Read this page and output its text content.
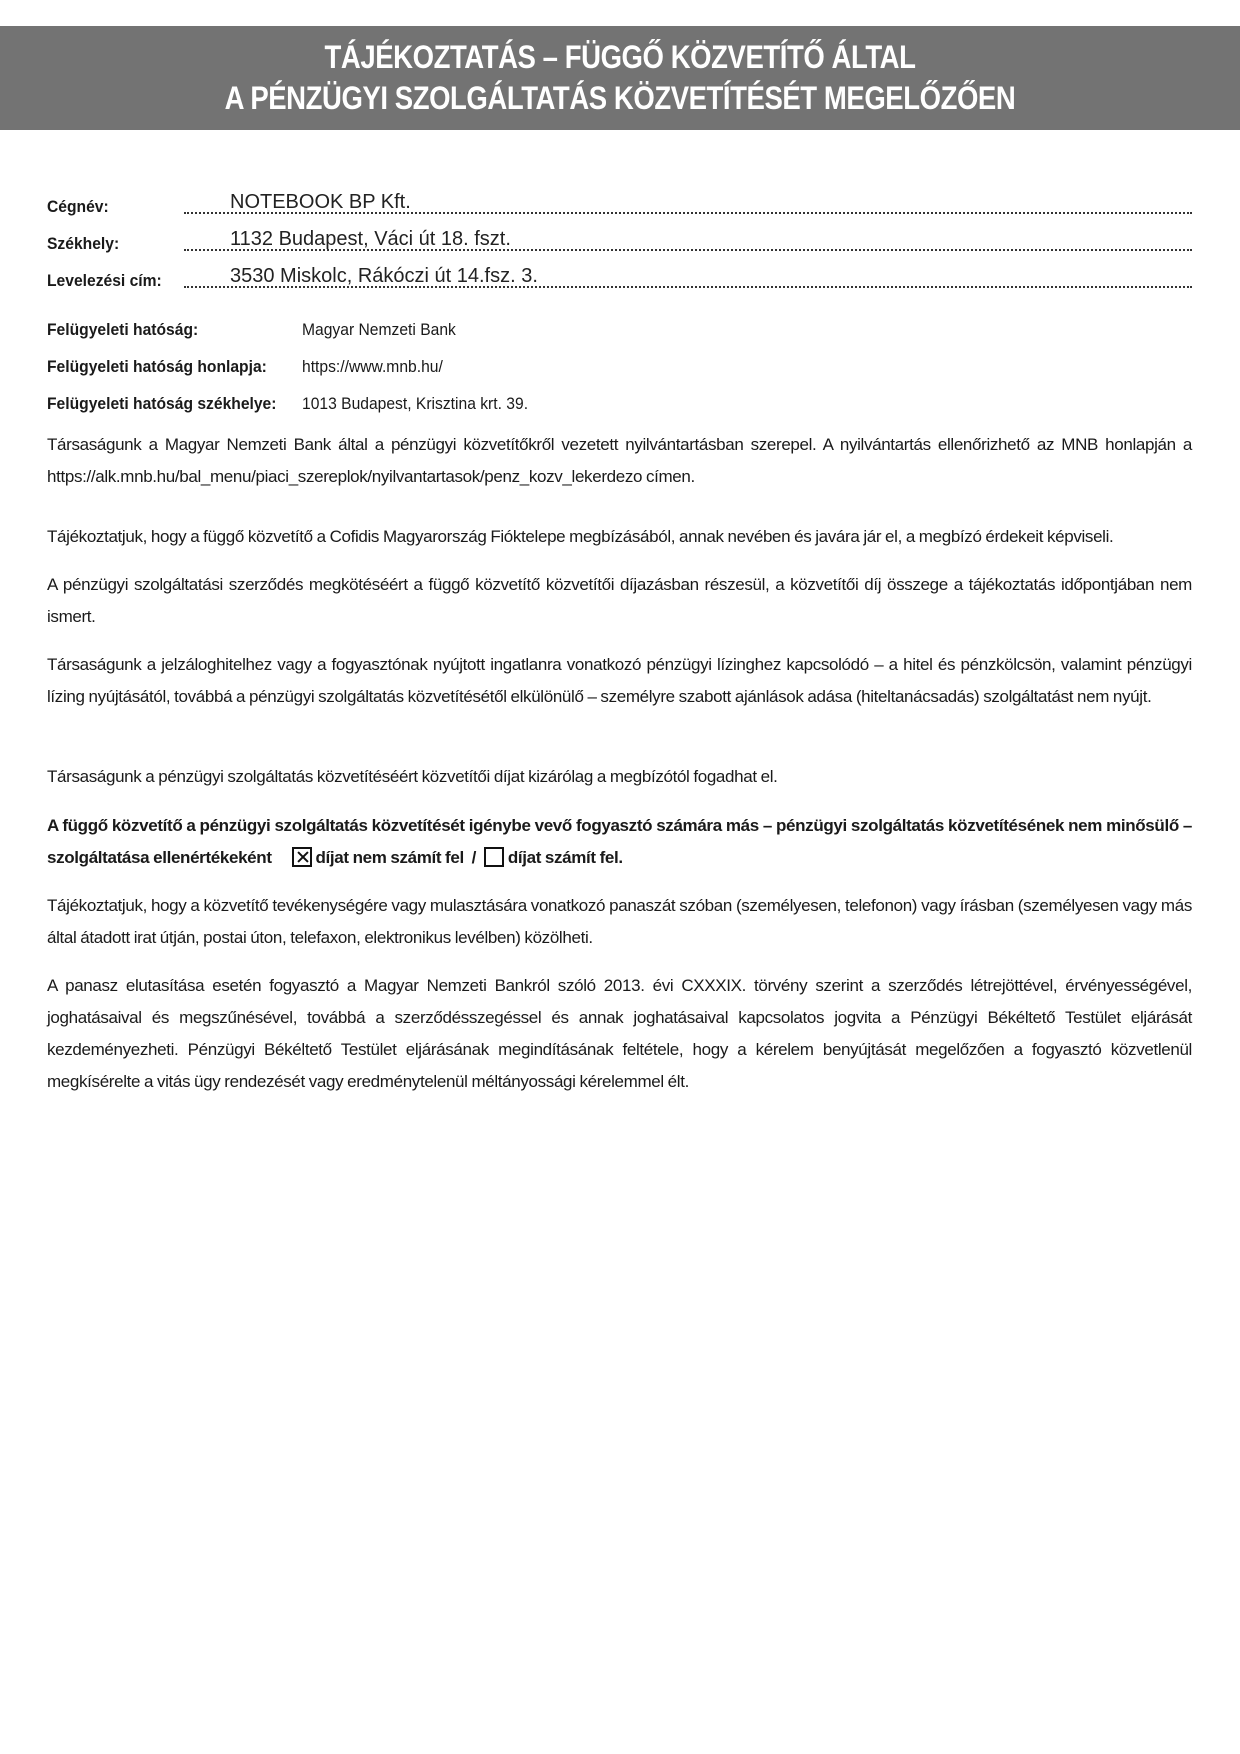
TÁJÉKOZTATÁS – FÜGGŐ KÖZVETÍTŐ ÁLTAL
A PÉNZÜGYI SZOLGÁLTATÁS KÖZVETÍTÉSÉT MEGELŐZŐEN
Cégnév:	NOTEBOOK BP Kft.
Székhely:	1132 Budapest, Váci út 18. fszt.
Levelezési cím:	3530 Miskolc, Rákóczi út 14.fsz. 3.
Felügyeleti hatóság:	Magyar Nemzeti Bank
Felügyeleti hatóság honlapja: https://www.mnb.hu/
Felügyeleti hatóság székhelye: 1013 Budapest, Krisztina krt. 39.

Társaságunk a Magyar Nemzeti Bank által a pénzügyi közvetítőkről vezetett nyilvántartásban szerepel. A nyilvántartás ellenőrizhető az MNB honlapján a https://alk.mnb.hu/bal_menu/piaci_szereplok/nyilvantartasok/penz_kozv_lekerdezo címen.

Tájékoztatjuk, hogy a függő közvetítő a Cofidis Magyarország Fióktelepe megbízásából, annak nevében és javára jár el, a megbízó érdekeit képviseli.

A pénzügyi szolgáltatási szerződés megkötéséért a függő közvetítő közvetítői díjazásban részesül, a közvetítői díj összege a tájékoztatás időpontjában nem ismert.

Társaságunk a jelzáloghitelhez vagy a fogyasztónak nyújtott ingatlanra vonatkozó pénzügyi lízinghez kapcsolódó – a hitel és pénzkölcsön, valamint pénzügyi lízing nyújtásától, továbbá a pénzügyi szolgáltatás közvetítésétől elkülönülő – személyre szabott ajánlások adása (hiteltanácsadás) szolgáltatást nem nyújt.

Társaságunk a pénzügyi szolgáltatás közvetítéséért közvetítői díjat kizárólag a megbízótól fogadhat el.

A függő közvetítő a pénzügyi szolgáltatás közvetítését igénybe vevő fogyasztó számára más – pénzügyi szolgáltatás közvetítésének nem minősülő – szolgáltatása ellenértékeként	díjat nem számít fel / díjat számít fel.

Tájékoztatjuk, hogy a közvetítő tevékenységére vagy mulasztására vonatkozó panaszát szóban (személyesen, telefonon) vagy írásban (személyesen vagy más által átadott irat útján, postai úton, telefaxon, elektronikus levélben) közölheti.

A panasz elutasítása esetén fogyasztó a Magyar Nemzeti Bankról szóló 2013. évi CXXXIX. törvény szerint a szerződés létrejöttével, érvényességével, joghatásaival és megszűnésével, továbbá a szerződésszegéssel és annak joghatásaival kapcsolatos jogvita a Pénzügyi Békéltető Testület eljárását kezdeményezheti. Pénzügyi Békéltető Testület eljárásának megindításának feltétele, hogy a kérelem benyújtását megelőzően a fogyasztó közvetlenül megkísérelte a vitás ügy rendezését vagy eredménytelenül méltányossági kérelemmel élt.
